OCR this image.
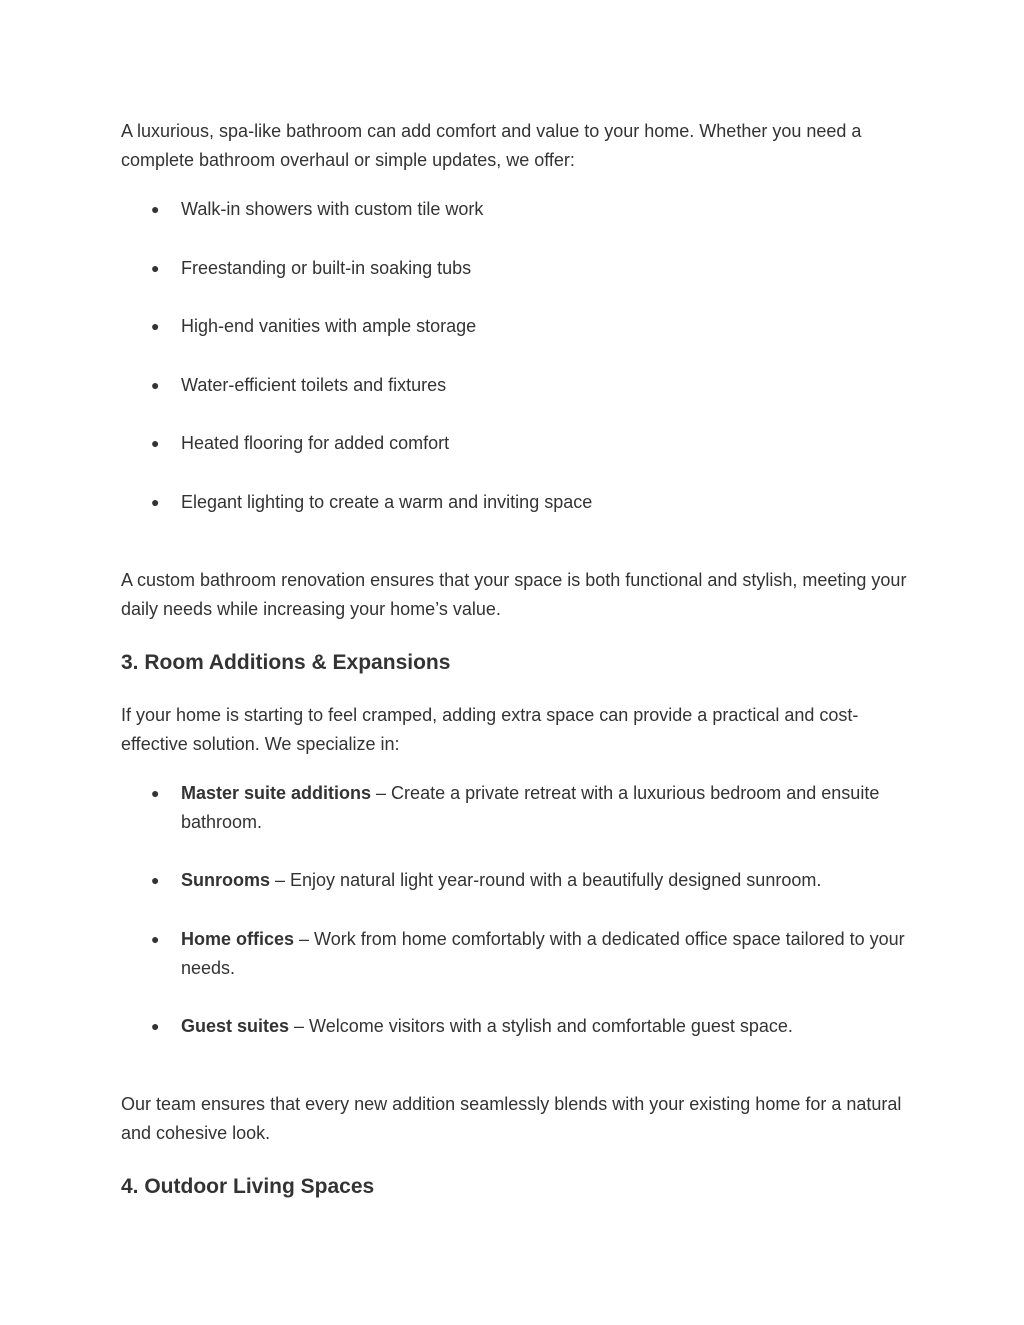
A luxurious, spa-like bathroom can add comfort and value to your home. Whether you need a complete bathroom overhaul or simple updates, we offer:

● Walk-in showers with custom tile work
● Freestanding or built-in soaking tubs
● High-end vanities with ample storage
● Water-efficient toilets and fixtures
● Heated flooring for added comfort
● Elegant lighting to create a warm and inviting space

A custom bathroom renovation ensures that your space is both functional and stylish, meeting your daily needs while increasing your home’s value.

3. Room Additions & Expansions

If your home is starting to feel cramped, adding extra space can provide a practical and cost-effective solution. We specialize in:

● Master suite additions – Create a private retreat with a luxurious bedroom and ensuite bathroom.
● Sunrooms – Enjoy natural light year-round with a beautifully designed sunroom.
● Home offices – Work from home comfortably with a dedicated office space tailored to your needs.
● Guest suites – Welcome visitors with a stylish and comfortable guest space.

Our team ensures that every new addition seamlessly blends with your existing home for a natural and cohesive look.

4. Outdoor Living Spaces
